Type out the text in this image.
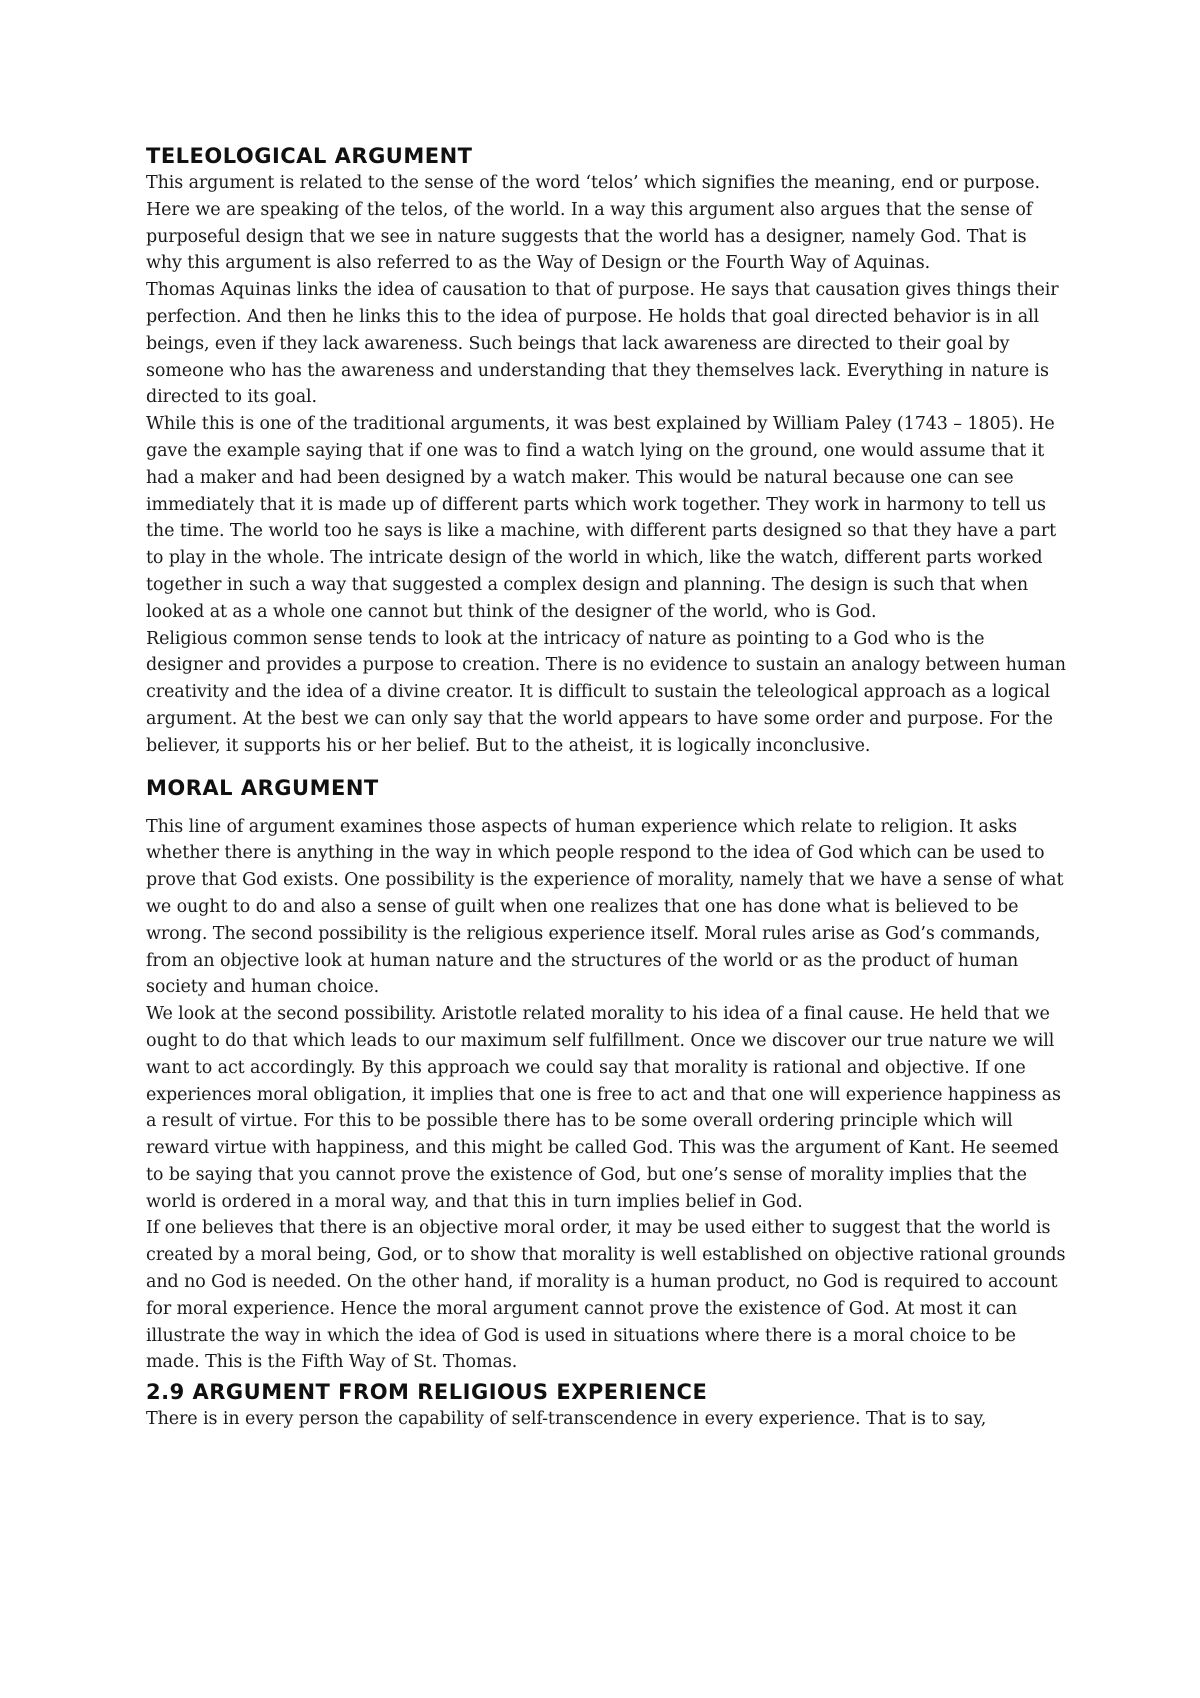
TELEOLOGICAL ARGUMENT

This argument is related to the sense of the word ‘telos’ which signifies the meaning, end or purpose. Here we are speaking of the telos, of the world. In a way this argument also argues that the sense of purposeful design that we see in nature suggests that the world has a designer, namely God. That is why this argument is also referred to as the Way of Design or the Fourth Way of Aquinas.

Thomas Aquinas links the idea of causation to that of purpose. He says that causation gives things their perfection. And then he links this to the idea of purpose. He holds that goal directed behavior is in all beings, even if they lack awareness. Such beings that lack awareness are directed to their goal by someone who has the awareness and understanding that they themselves lack. Everything in nature is directed to its goal.

While this is one of the traditional arguments, it was best explained by William Paley (1743 – 1805). He gave the example saying that if one was to find a watch lying on the ground, one would assume that it had a maker and had been designed by a watch maker. This would be natural because one can see immediately that it is made up of different parts which work together. They work in harmony to tell us the time. The world too he says is like a machine, with different parts designed so that they have a part to play in the whole. The intricate design of the world in which, like the watch, different parts worked together in such a way that suggested a complex design and planning. The design is such that when looked at as a whole one cannot but think of the designer of the world, who is God.

Religious common sense tends to look at the intricacy of nature as pointing to a God who is the designer and provides a purpose to creation. There is no evidence to sustain an analogy between human creativity and the idea of a divine creator. It is difficult to sustain the teleological approach as a logical argument. At the best we can only say that the world appears to have some order and purpose. For the believer, it supports his or her belief. But to the atheist, it is logically inconclusive.

MORAL ARGUMENT

This line of argument examines those aspects of human experience which relate to religion. It asks whether there is anything in the way in which people respond to the idea of God which can be used to prove that God exists. One possibility is the experience of morality, namely that we have a sense of what we ought to do and also a sense of guilt when one realizes that one has done what is believed to be wrong. The second possibility is the religious experience itself. Moral rules arise as God’s commands, from an objective look at human nature and the structures of the world or as the product of human society and human choice.

We look at the second possibility. Aristotle related morality to his idea of a final cause. He held that we ought to do that which leads to our maximum self fulfillment. Once we discover our true nature we will want to act accordingly. By this approach we could say that morality is rational and objective. If one experiences moral obligation, it implies that one is free to act and that one will experience happiness as a result of virtue. For this to be possible there has to be some overall ordering principle which will reward virtue with happiness, and this might be called God. This was the argument of Kant. He seemed to be saying that you cannot prove the existence of God, but one’s sense of morality implies that the world is ordered in a moral way, and that this in turn implies belief in God.

If one believes that there is an objective moral order, it may be used either to suggest that the world is created by a moral being, God, or to show that morality is well established on objective rational grounds and no God is needed. On the other hand, if morality is a human product, no God is required to account for moral experience. Hence the moral argument cannot prove the existence of God. At most it can illustrate the way in which the idea of God is used in situations where there is a moral choice to be made. This is the Fifth Way of St. Thomas.

2.9 ARGUMENT FROM RELIGIOUS EXPERIENCE

There is in every person the capability of self-transcendence in every experience. That is to say,
